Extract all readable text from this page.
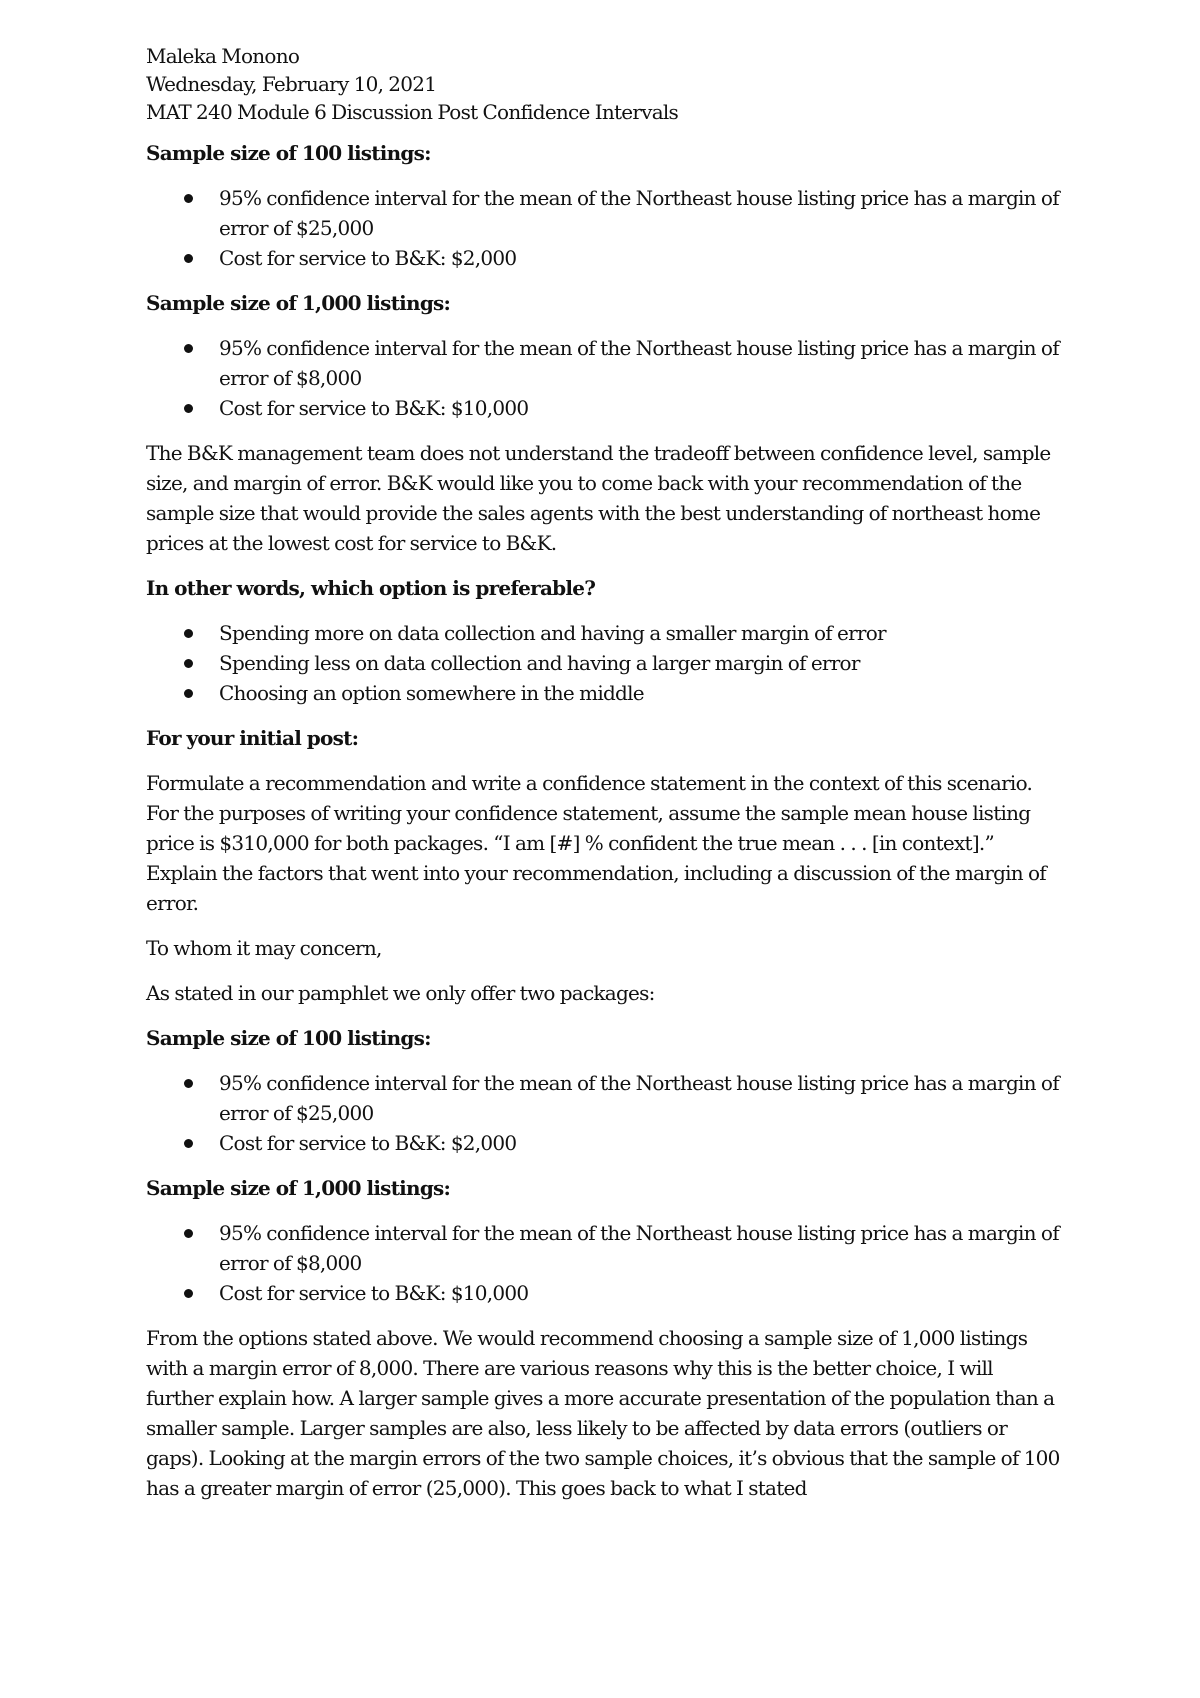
Maleka Monono
Wednesday, February 10, 2021
MAT 240 Module 6 Discussion Post Confidence Intervals
Sample size of 100 listings:
95% confidence interval for the mean of the Northeast house listing price has a margin of error of $25,000
Cost for service to B&K: $2,000
Sample size of 1,000 listings:
95% confidence interval for the mean of the Northeast house listing price has a margin of error of $8,000
Cost for service to B&K: $10,000

The B&K management team does not understand the tradeoff between confidence level, sample size, and margin of error. B&K would like you to come back with your recommendation of the sample size that would provide the sales agents with the best understanding of northeast home prices at the lowest cost for service to B&K.

In other words, which option is preferable?
Spending more on data collection and having a smaller margin of error
Spending less on data collection and having a larger margin of error
Choosing an option somewhere in the middle
For your initial post:

Formulate a recommendation and write a confidence statement in the context of this scenario. For the purposes of writing your confidence statement, assume the sample mean house listing price is $310,000 for both packages. “I am [#] % confident the true mean . . . [in context].” Explain the factors that went into your recommendation, including a discussion of the margin of error.

To whom it may concern,

As stated in our pamphlet we only offer two packages:

Sample size of 100 listings:
95% confidence interval for the mean of the Northeast house listing price has a margin of error of $25,000
Cost for service to B&K: $2,000
Sample size of 1,000 listings:
95% confidence interval for the mean of the Northeast house listing price has a margin of error of $8,000
Cost for service to B&K: $10,000

From the options stated above. We would recommend choosing a sample size of 1,000 listings with a margin error of 8,000. There are various reasons why this is the better choice, I will further explain how. A larger sample gives a more accurate presentation of the population than a smaller sample. Larger samples are also, less likely to be affected by data errors (outliers or gaps). Looking at the margin errors of the two sample choices, it’s obvious that the sample of 100 has a greater margin of error (25,000). This goes back to what I stated
